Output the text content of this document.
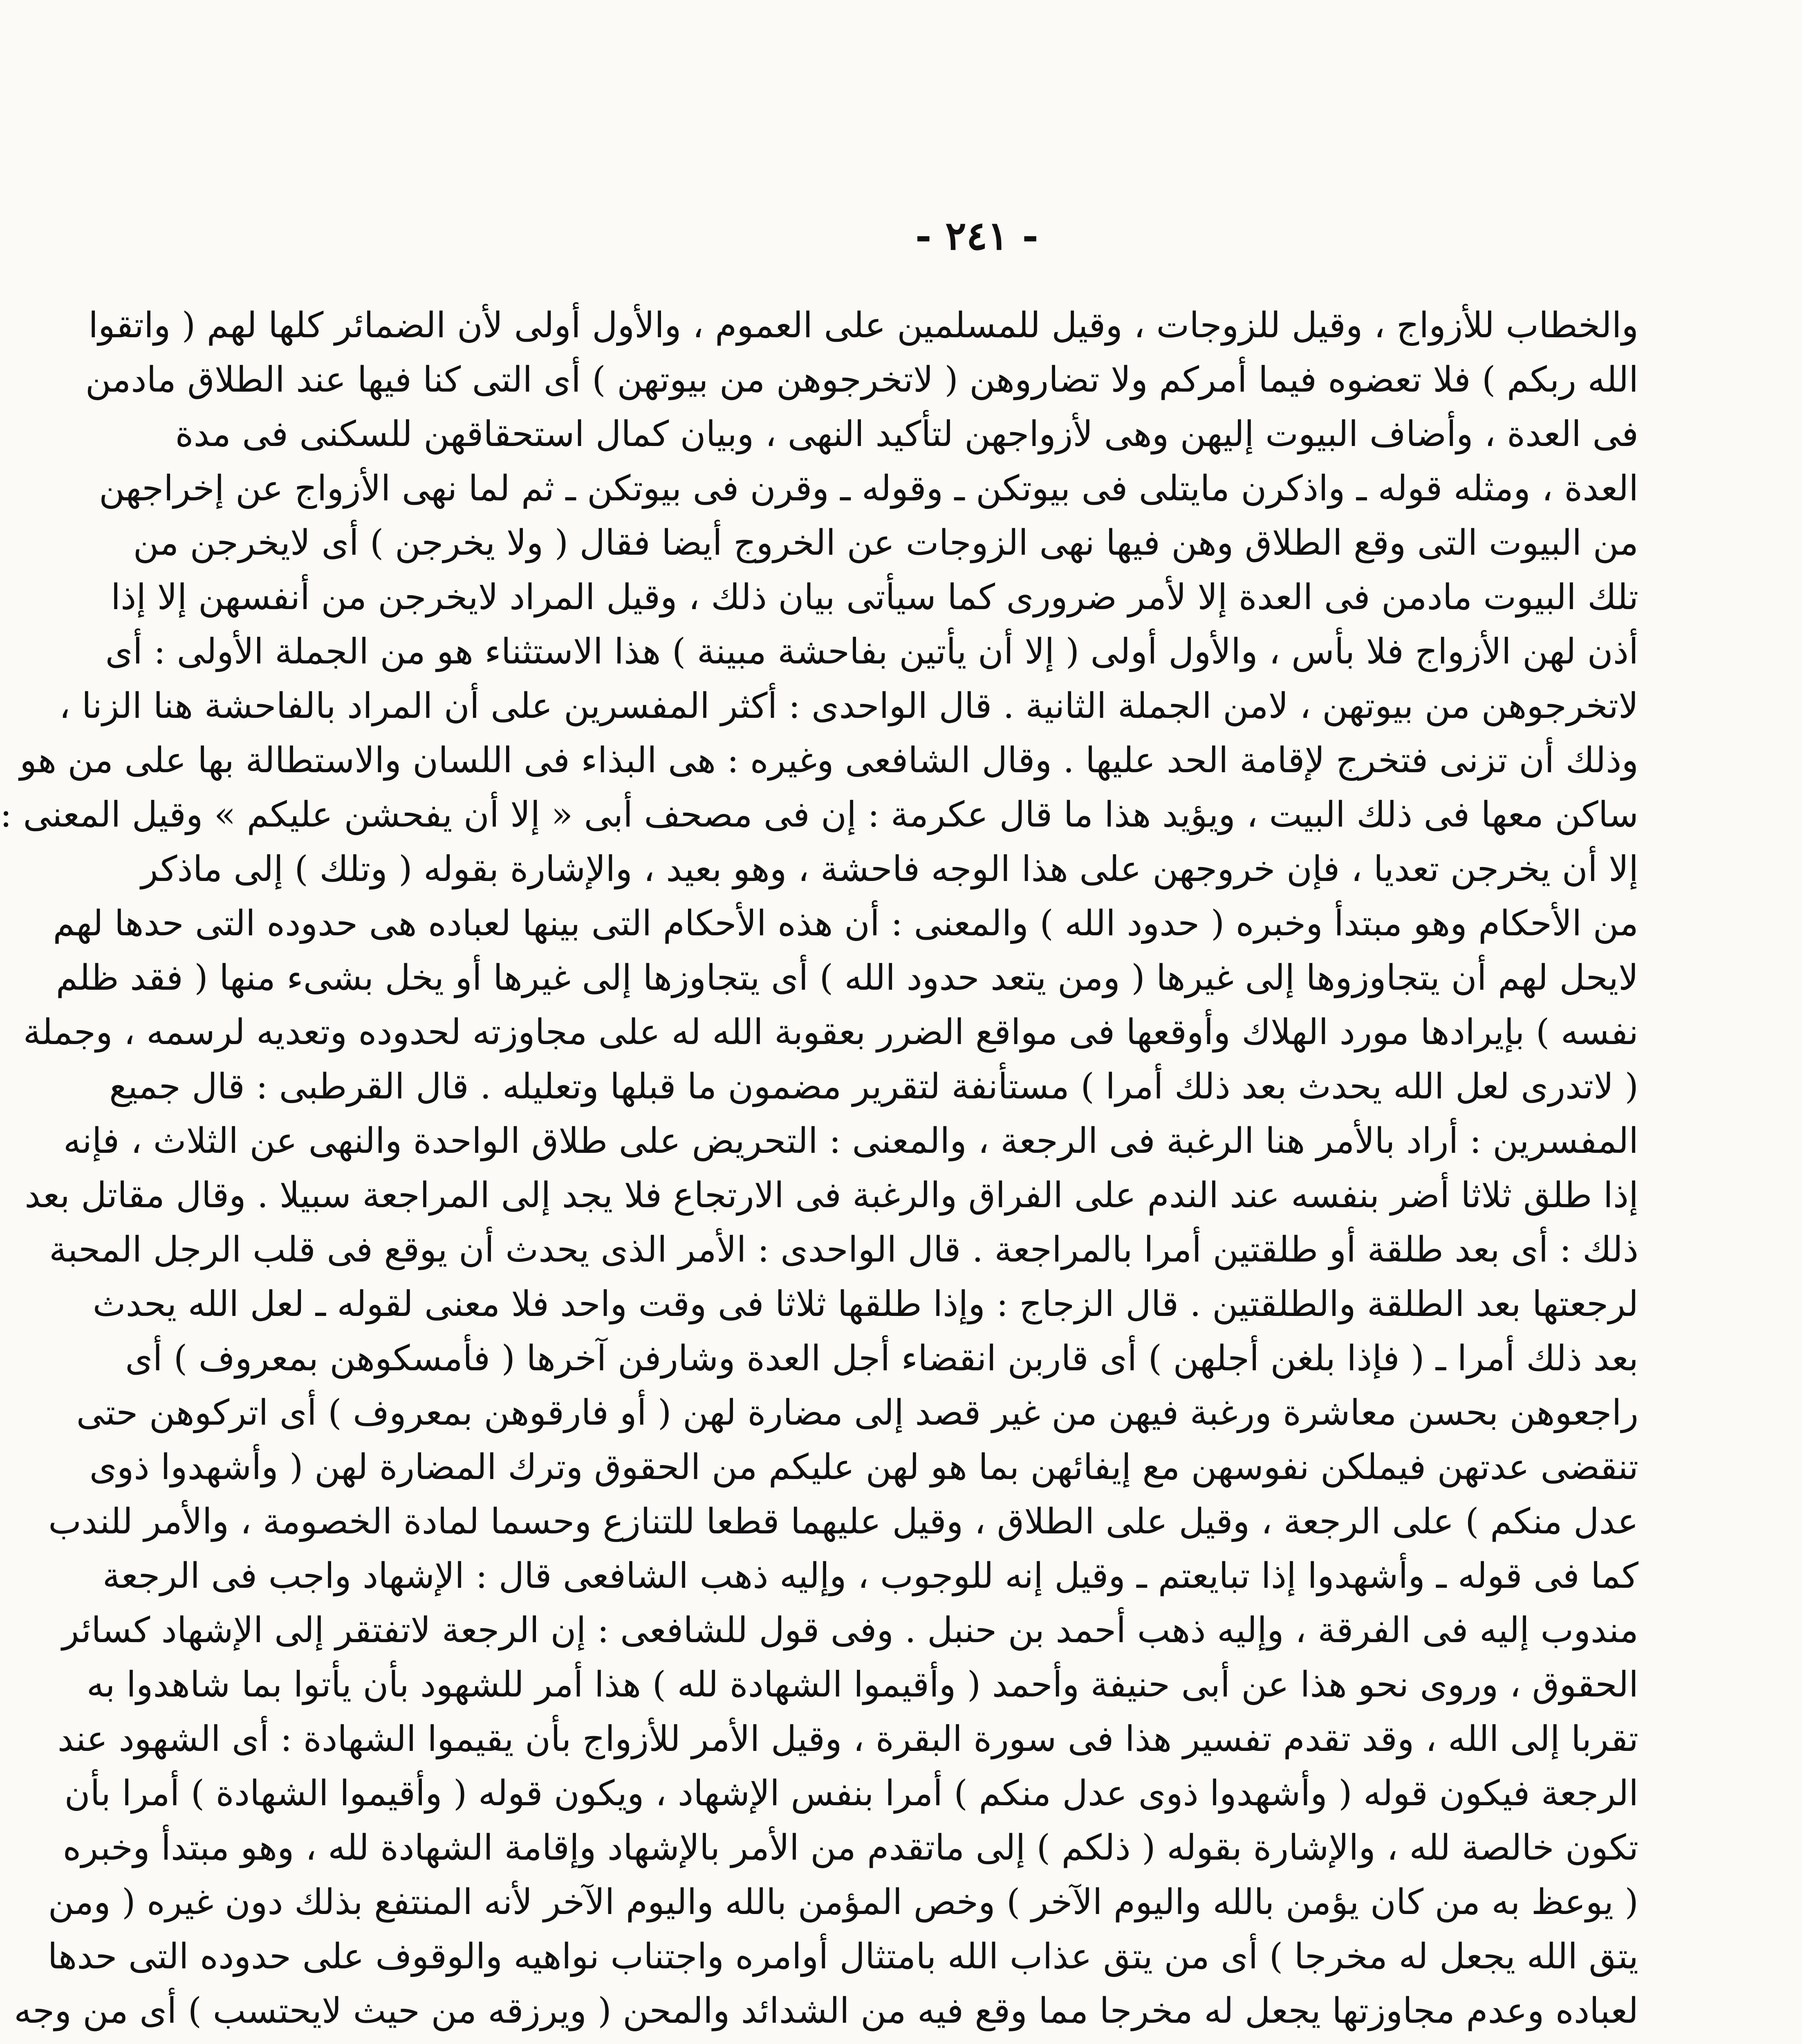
- ٢٤١ -
والخطاب للأزواج ، وقيل للزوجات ، وقيل للمسلمين على العموم ، والأول أولى لأن الضمائر كلها لهم ( واتقوا
الله ربكم ) فلا تعضوه فيما أمركم ولا تضاروهن ( لاتخرجوهن من بيوتهن ) أى التى كنا فيها عند الطلاق مادمن
فى العدة ، وأضاف البيوت إليهن وهى لأزواجهن لتأكيد النهى ، وبيان كمال استحقاقهن للسكنى فى مدة
العدة ، ومثله قوله ـ واذكرن مايتلى فى بيوتكن ـ وقوله ـ وقرن فى بيوتكن ـ ثم لما نهى الأزواج عن إخراجهن
من البيوت التى وقع الطلاق وهن فيها نهى الزوجات عن الخروج أيضا فقال ( ولا يخرجن ) أى لايخرجن من
تلك البيوت مادمن فى العدة إلا لأمر ضرورى كما سيأتى بيان ذلك ، وقيل المراد لايخرجن من أنفسهن إلا إذا
أذن لهن الأزواج فلا بأس ، والأول أولى ( إلا أن يأتين بفاحشة مبينة ) هذا الاستثناء هو من الجملة الأولى : أى
لاتخرجوهن من بيوتهن ، لامن الجملة الثانية . قال الواحدى : أكثر المفسرين على أن المراد بالفاحشة هنا الزنا ،
وذلك أن تزنى فتخرج لإقامة الحد عليها . وقال الشافعى وغيره : هى البذاء فى اللسان والاستطالة بها على من هو
ساكن معها فى ذلك البيت ، ويؤيد هذا ما قال عكرمة : إن فى مصحف أبى « إلا أن يفحشن عليكم » وقيل المعنى :
إلا أن يخرجن تعديا ، فإن خروجهن على هذا الوجه فاحشة ، وهو بعيد ، والإشارة بقوله ( وتلك ) إلى ماذكر
من الأحكام وهو مبتدأ وخبره ( حدود الله ) والمعنى : أن هذه الأحكام التى بينها لعباده هى حدوده التى حدها لهم
لايحل لهم أن يتجاوزوها إلى غيرها ( ومن يتعد حدود الله ) أى يتجاوزها إلى غيرها أو يخل بشىء منها ( فقد ظلم
نفسه ) بإيرادها مورد الهلاك وأوقعها فى مواقع الضرر بعقوبة الله له على مجاوزته لحدوده وتعديه لرسمه ، وجملة
( لاتدرى لعل الله يحدث بعد ذلك أمرا ) مستأنفة لتقرير مضمون ما قبلها وتعليله . قال القرطبى : قال جميع
المفسرين : أراد بالأمر هنا الرغبة فى الرجعة ، والمعنى : التحريض على طلاق الواحدة والنهى عن الثلاث ، فإنه
إذا طلق ثلاثا أضر بنفسه عند الندم على الفراق والرغبة فى الارتجاع فلا يجد إلى المراجعة سبيلا . وقال مقاتل بعد
ذلك : أى بعد طلقة أو طلقتين أمرا بالمراجعة . قال الواحدى : الأمر الذى يحدث أن يوقع فى قلب الرجل المحبة
لرجعتها بعد الطلقة والطلقتين . قال الزجاج : وإذا طلقها ثلاثا فى وقت واحد فلا معنى لقوله ـ لعل الله يحدث
بعد ذلك أمرا ـ ( فإذا بلغن أجلهن ) أى قاربن انقضاء أجل العدة وشارفن آخرها ( فأمسكوهن بمعروف ) أى
راجعوهن بحسن معاشرة ورغبة فيهن من غير قصد إلى مضارة لهن ( أو فارقوهن بمعروف ) أى اتركوهن حتى
تنقضى عدتهن فيملكن نفوسهن مع إيفائهن بما هو لهن عليكم من الحقوق وترك المضارة لهن ( وأشهدوا ذوى
عدل منكم ) على الرجعة ، وقيل على الطلاق ، وقيل عليهما قطعا للتنازع وحسما لمادة الخصومة ، والأمر للندب
كما فى قوله ـ وأشهدوا إذا تبايعتم ـ وقيل إنه للوجوب ، وإليه ذهب الشافعى قال : الإشهاد واجب فى الرجعة
مندوب إليه فى الفرقة ، وإليه ذهب أحمد بن حنبل . وفى قول للشافعى : إن الرجعة لاتفتقر إلى الإشهاد كسائر
الحقوق ، وروى نحو هذا عن أبى حنيفة وأحمد ( وأقيموا الشهادة لله ) هذا أمر للشهود بأن يأتوا بما شاهدوا به
تقربا إلى الله ، وقد تقدم تفسير هذا فى سورة البقرة ، وقيل الأمر للأزواج بأن يقيموا الشهادة : أى الشهود عند
الرجعة فيكون قوله ( وأشهدوا ذوى عدل منكم ) أمرا بنفس الإشهاد ، ويكون قوله ( وأقيموا الشهادة ) أمرا بأن
تكون خالصة لله ، والإشارة بقوله ( ذلكم ) إلى ماتقدم من الأمر بالإشهاد وإقامة الشهادة لله ، وهو مبتدأ وخبره
( يوعظ به من كان يؤمن بالله واليوم الآخر ) وخص المؤمن بالله واليوم الآخر لأنه المنتفع بذلك دون غيره ( ومن
يتق الله يجعل له مخرجا ) أى من يتق عذاب الله بامتثال أوامره واجتناب نواهيه والوقوف على حدوده التى حدها
لعباده وعدم مجاوزتها يجعل له مخرجا مما وقع فيه من الشدائد والمحن ( ويرزقه من حيث لايحتسب ) أى من وجه
